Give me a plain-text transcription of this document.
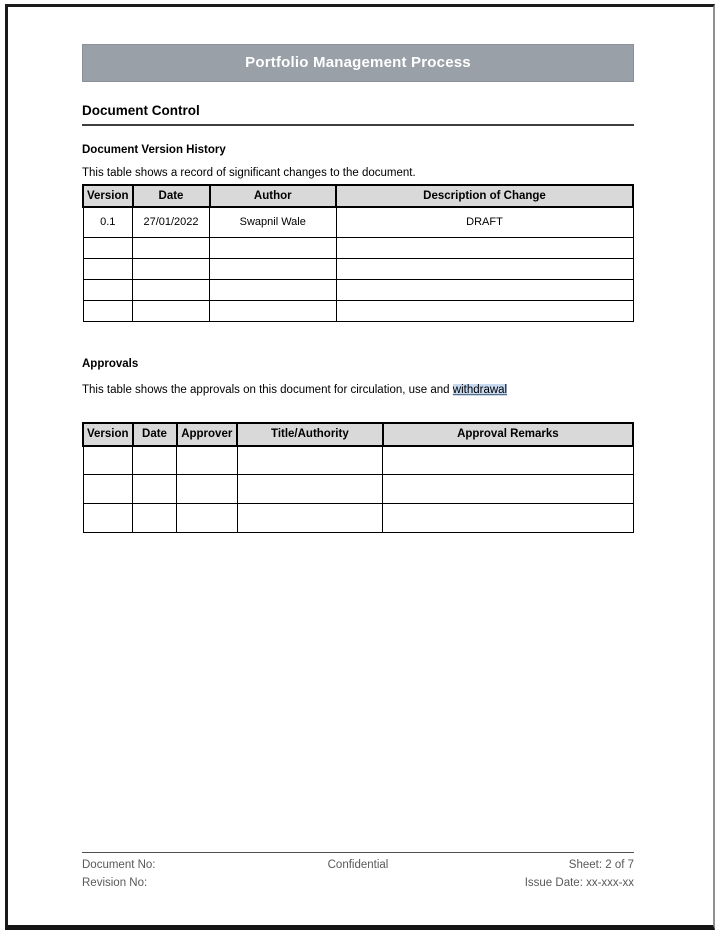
Portfolio Management Process
Document Control
Document Version History
This table shows a record of significant changes to the document.
Version	Date	Author	Description of Change
0.1	27/01/2022	Swapnil Wale	DRAFT

Approvals
This table shows the approvals on this document for circulation, use and withdrawal
Version	Date	Approver	Title/Authority	Approval Remarks

Document No:
Revision No:
Confidential	Sheet: 2 of 7
Issue Date: xx-xxx-xx
